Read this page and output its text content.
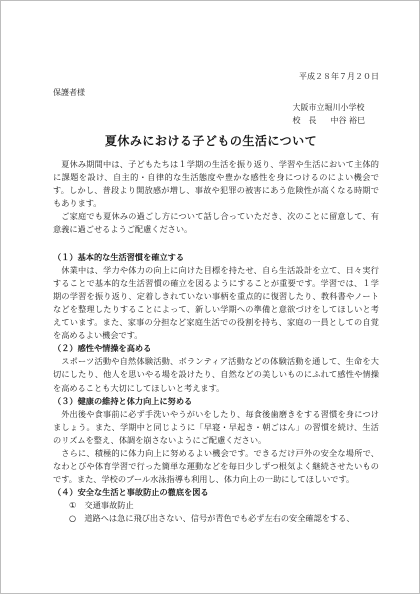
平成２８年７月２０日
保護者様
大阪市立堀川小学校
校　長 中谷 裕巳
夏休みにおける子どもの生活について

夏休み期間中は、子どもたちは１学期の生活を振り返り、学習や生活において主体的に課題を設け、自主的・自律的な生活態度や豊かな感性を身につけるのによい機会です。しかし、普段より開放感が増し、事故や犯罪の被害にあう危険性が高くなる時期でもあります。

ご家庭でも夏休みの過ごし方について話し合っていただき、次のことに留意して、有意義に過ごせるようご配慮ください。

（１）基本的な生活習慣を確立する

休業中は、学力や体力の向上に向けた目標を持たせ、自ら生活設計を立て、日々実行することで基本的な生活習慣の確立を図るようにすることが重要です。学習では、１学期の学習を振り返り、定着しきれていない事柄を重点的に復習したり、教科書やノートなどを整理したりすることによって、新しい学期への準備と意欲づけをしてほしいと考えています。また、家事の分担など家庭生活での役割を持ち、家庭の一員としての自覚を高めるよい機会です。

（２）感性や情操を高める

スポーツ活動や自然体験活動、ボランティア活動などの体験活動を通して、生命を大切にしたり、他人を思いやる場を設けたり、自然などの美しいものにふれて感性や情操を高めることも大切にしてほしいと考えます。

（３）健康の維持と体力向上に努める

外出後や食事前に必ず手洗いやうがいをしたり、毎食後歯磨きをする習慣を身につけましょう。また、学期中と同じように「早寝・早起き・朝ごはん」の習慣を続け、生活のリズムを整え、体調を崩さないようにご配慮ください。

さらに、積極的に体力向上に努めるよい機会です。できるだけ戸外の安全な場所で、なわとびや体育学習で行った簡単な運動などを毎日少しずつ根気よく継続させたいものです。また、学校のプール水泳指導も利用し、体力向上の一助にしてほしいです。

（４）安全な生活と事故防止の徹底を図る

①　交通事故防止

○　道路へは急に飛び出さない、信号が青色でも必ず左右の安全確認をする、
